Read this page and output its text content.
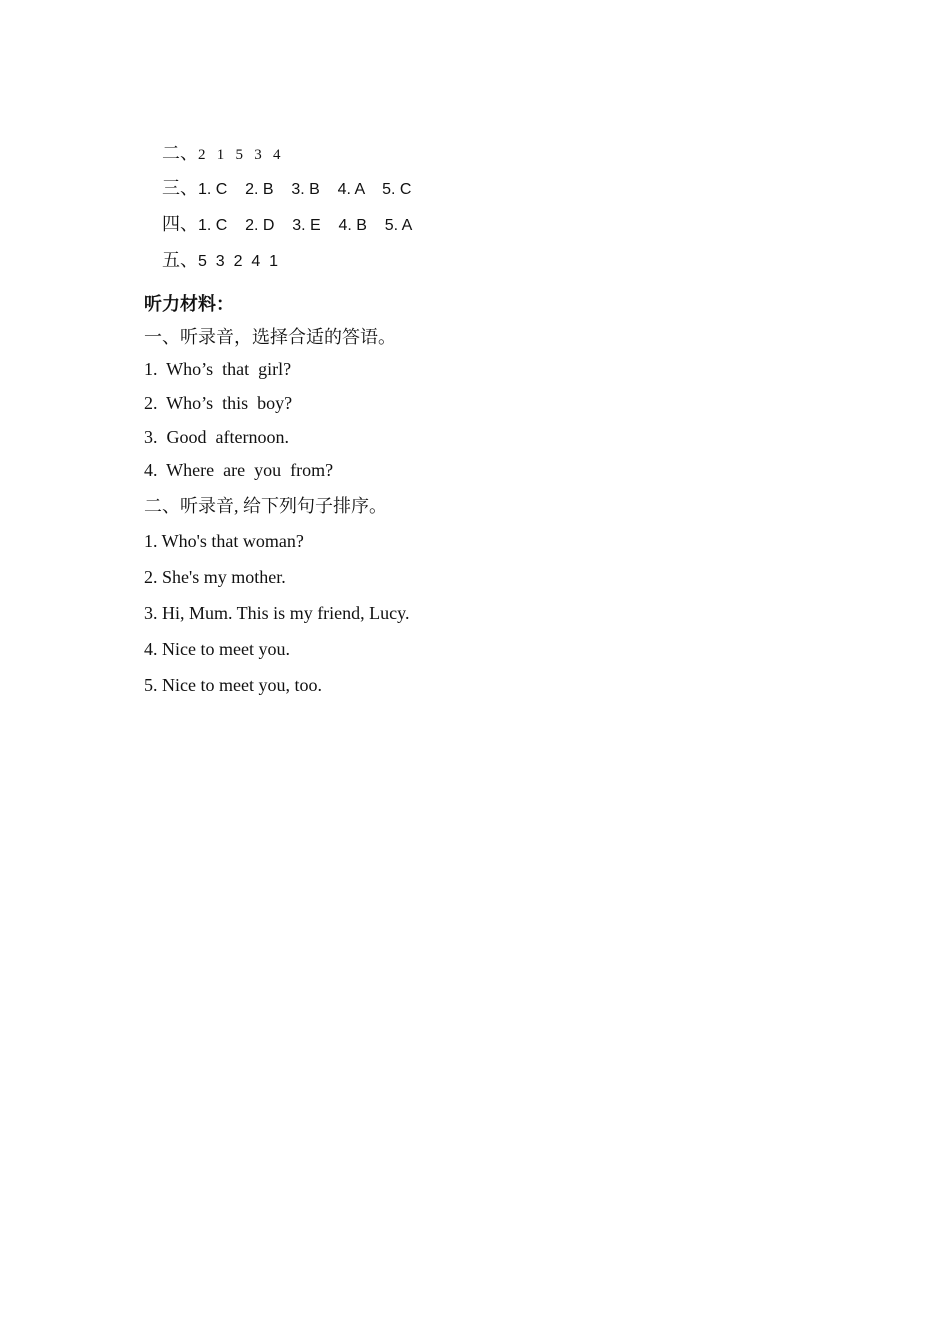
二、2   1   5   3   4

三、1. C    2. B    3. B    4. A    5. C

四、1. C    2. D    3. E    4. B    5. A

五、5  3  2  4  1

听力材料：
一、听录音，选择合适的答语。
1.  Who’s  that  girl?
2.  Who’s  this  boy?
3.  Good  afternoon.
4.  Where  are  you  from?
二、听录音, 给下列句子排序。
1. Who's that woman?
2. She's my mother.
3. Hi, Mum. This is my friend, Lucy.
4. Nice to meet you.
5. Nice to meet you, too.
